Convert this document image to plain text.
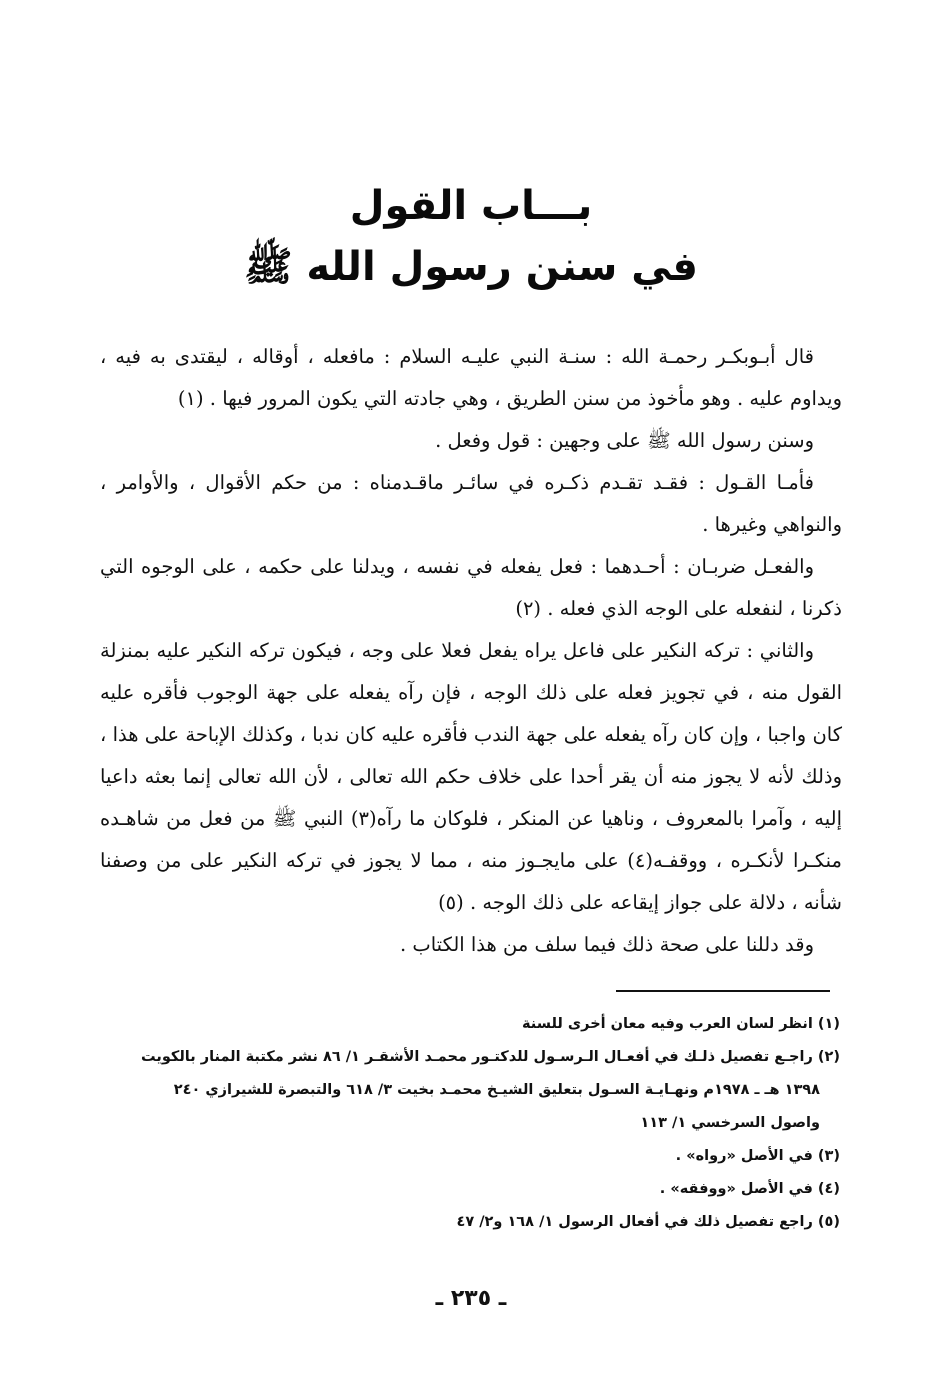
بـــاب القول
في سنن رسول الله ﷺ

قال أبـوبكـر رحمـة الله : سنـة النبي عليـه السلام : مافعله ، أوقاله ، ليقتدى به فيه ، ويداوم عليه . وهو مأخوذ من سنن الطريق ، وهي جادته التي يكون المرور فيها . (١)

وسنن رسول الله ﷺ على وجهين : قول وفعل .

فأمـا القـول : فقـد تقـدم ذكـره في سائـر ماقـدمناه : من حكم الأقوال ، والأوامر ، والنواهي وغيرها .

والفعـل ضربـان : أحـدهما : فعل يفعله في نفسه ، ويدلنا على حكمه ، على الوجوه التي ذكرنا ، لنفعله على الوجه الذي فعله . (٢)

والثاني : تركه النكير على فاعل يراه يفعل فعلا على وجه ، فيكون تركه النكير عليه بمنزلة القول منه ، في تجويز فعله على ذلك الوجه ، فإن رآه يفعله على جهة الوجوب فأقره عليه كان واجبا ، وإن كان رآه يفعله على جهة الندب فأقره عليه كان ندبا ، وكذلك الإباحة على هذا ، وذلك لأنه لا يجوز منه أن يقر أحدا على خلاف حكم الله تعالى ، لأن الله تعالى إنما بعثه داعيا إليه ، وآمرا بالمعروف ، وناهيا عن المنكر ، فلوكان ما رآه(٣) النبي ﷺ من فعل من شاهـده منكـرا لأنكـره ، ووقفـه(٤) على مايجـوز منه ، مما لا يجوز في تركه النكير على من وصفنا شأنه ، دلالة على جواز إيقاعه على ذلك الوجه . (٥)

وقد دللنا على صحة ذلك فيما سلف من هذا الكتاب .

(١) انظر لسان العرب وفيه معان أخرى للسنة

(٢) راجـع تفصيل ذلـك في أفعـال الـرسـول للدكتـور محمـد الأشقـر ١/ ٨٦ نشر مكتبة المنار بالكويت

١٣٩٨ هـ ـ ١٩٧٨م ونهـايـة السـول بتعليق الشيـخ محمـد بخيت ٣/ ٦١٨ والتبصرة للشيرازي ٢٤٠

واصول السرخسي ١/ ١١٣

(٣) في الأصل «رواه» .

(٤) في الأصل «ووفقه» .

(٥) راجع تفصيل ذلك في أفعال الرسول ١/ ١٦٨ و٢/ ٤٧

ـ ٢٣٥ ـ
